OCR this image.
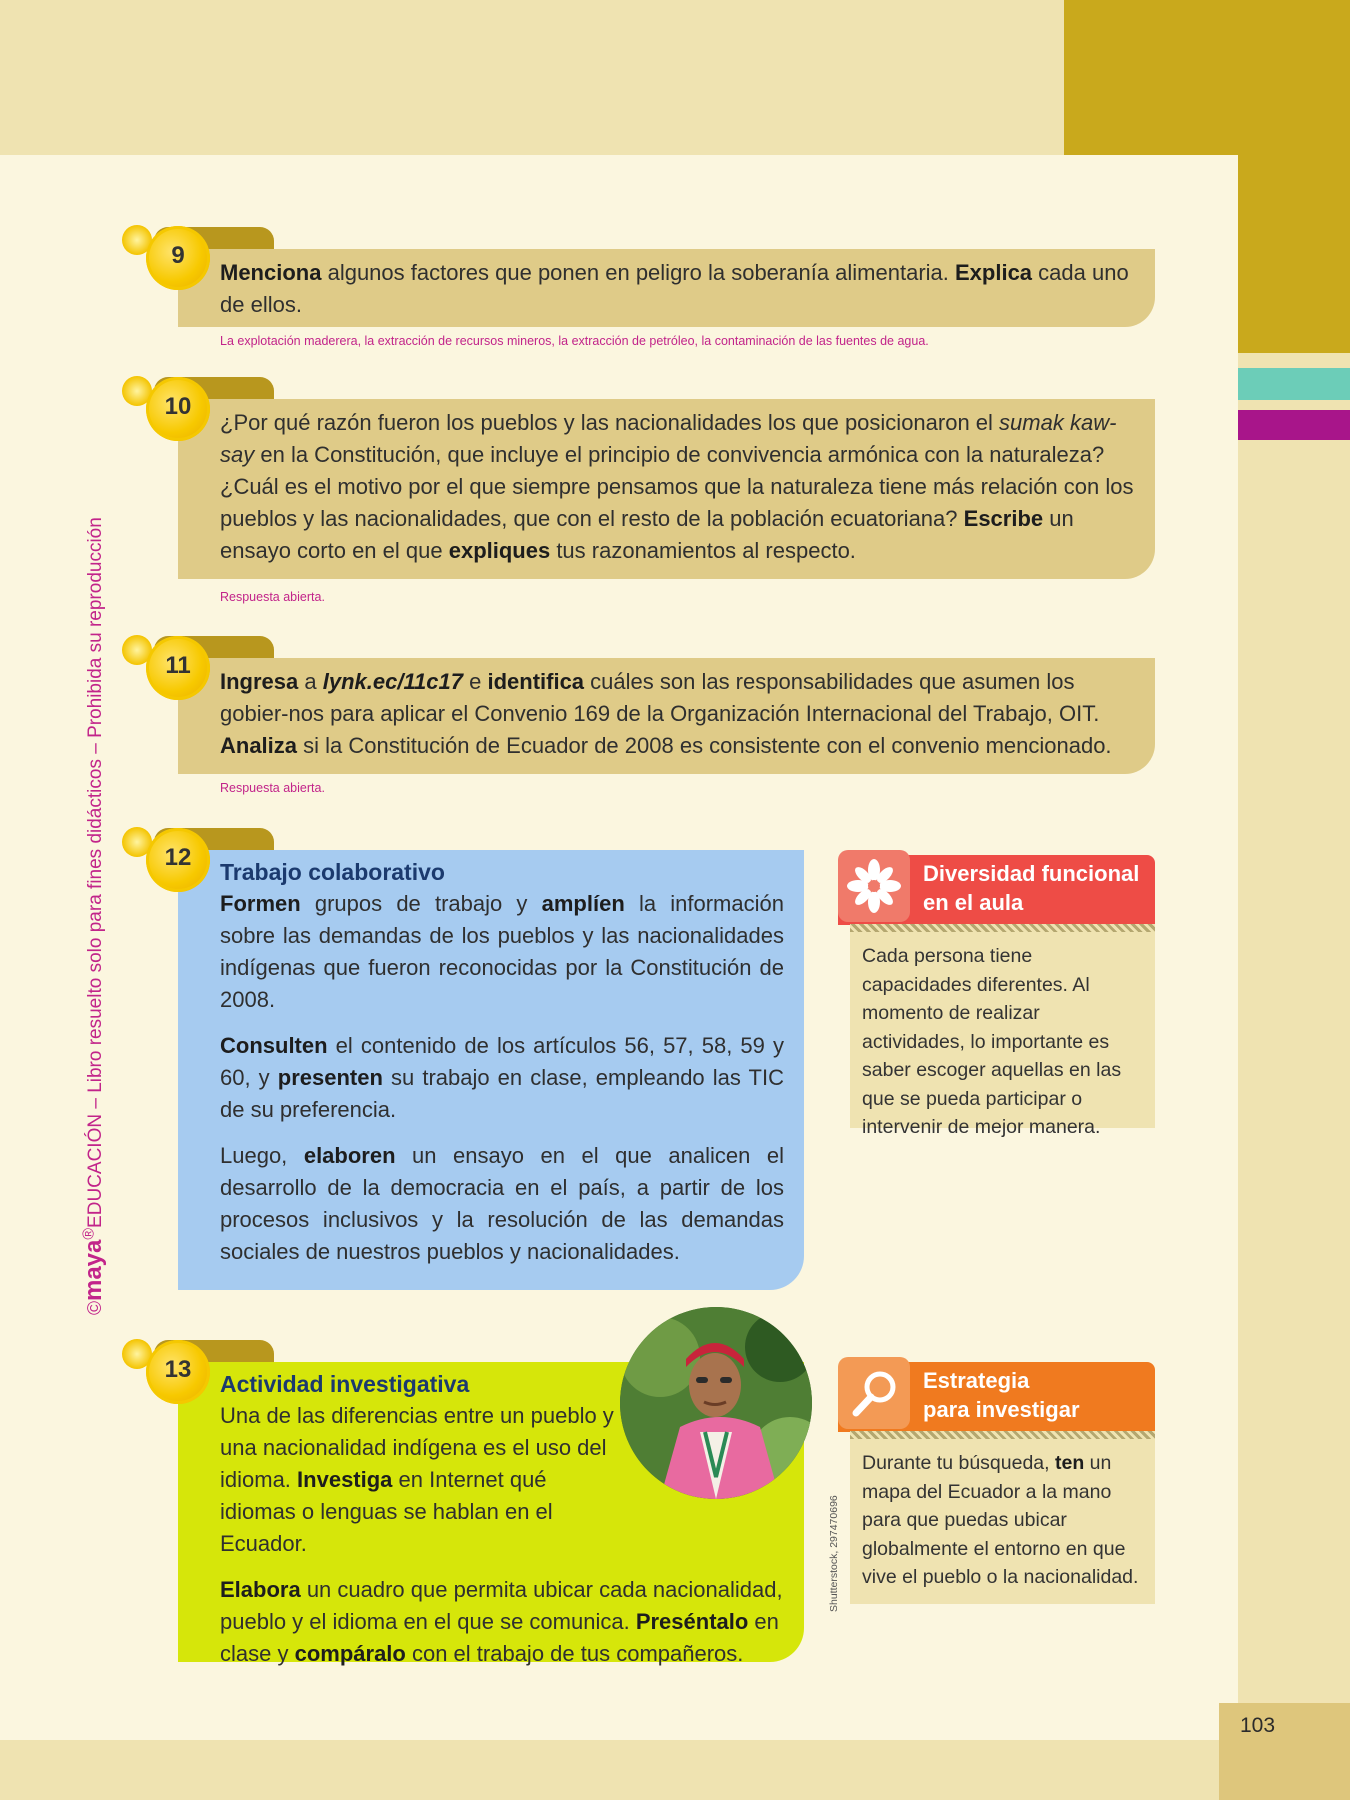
103
©maya®EDUCACIÓN – Libro resuelto solo para fines didácticos – Prohibida su reproducción
Menciona algunos factores que ponen en peligro la soberanía alimentaria. Explica cada uno de ellos.
9
La explotación maderera, la extracción de recursos mineros, la extracción de petróleo, la contaminación de las fuentes de agua.
¿Por qué razón fueron los pueblos y las nacionalidades los que posicionaron el sumak kaw-say en la Constitución, que incluye el principio de convivencia armónica con la naturaleza? ¿Cuál es el motivo por el que siempre pensamos que la naturaleza tiene más relación con los pueblos y las nacionalidades, que con el resto de la población ecuatoriana? Escribe un ensayo corto en el que expliques tus razonamientos al respecto.
10
Respuesta abierta.
Ingresa a lynk.ec/11c17 e identifica cuáles son las responsabilidades que asumen los gobier-nos para aplicar el Convenio 169 de la Organización Internacional del Trabajo, OIT. Analiza si la Constitución de Ecuador de 2008 es consistente con el convenio mencionado.
11
Respuesta abierta.
Trabajo colaborativo

Formen grupos de trabajo y amplíen la información sobre las demandas de los pueblos y las nacionalidades indígenas que fueron reconocidas por la Constitución de 2008.

Consulten el contenido de los artículos 56, 57, 58, 59 y 60, y presenten su trabajo en clase, empleando las TIC de su preferencia.

Luego, elaboren un ensayo en el que analicen el desarrollo de la democracia en el país, a partir de los procesos inclusivos y la resolución de las demandas sociales de nuestros pueblos y nacionalidades.

12
Diversidad funcional
en el aula
Cada persona tiene capacidades diferentes. Al momento de realizar actividades, lo importante es saber escoger aquellas en las que se pueda participar o intervenir de mejor manera.
Actividad investigativa

Una de las diferencias entre un pueblo y una nacionalidad indígena es el uso del idioma. Investiga en Internet qué idiomas o lenguas se hablan en el Ecuador.

Elabora un cuadro que permita ubicar cada nacionalidad, pueblo y el idioma en el que se comunica. Preséntalo en clase y compáralo con el trabajo de tus compañeros.

13
Shutterstock, 297470696
Estrategia
para investigar
Durante tu búsqueda, ten un mapa del Ecuador a la mano para que puedas ubicar globalmente el entorno en que vive el pueblo o la nacionalidad.
